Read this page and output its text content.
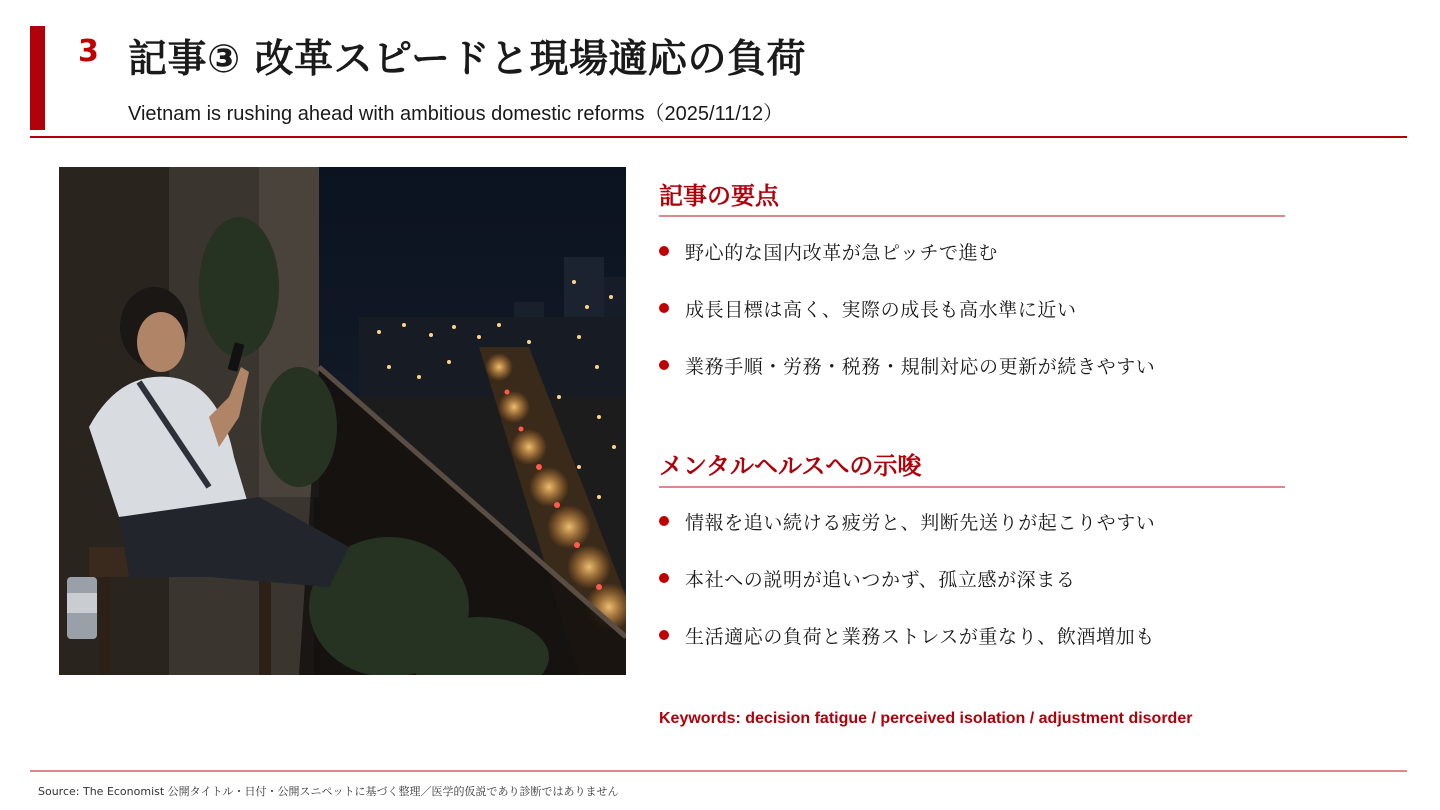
3 記事③ 改革スピードと現場適応の負荷
Vietnam is rushing ahead with ambitious domestic reforms（2025/11/12）
記事の要点
野心的な国内改革が急ピッチで進む
成長目標は高く、実際の成長も高水準に近い
業務手順・労務・税務・規制対応の更新が続きやすい
メンタルヘルスへの示唆
情報を追い続ける疲労と、判断先送りが起こりやすい
本社への説明が追いつかず、孤立感が深まる
生活適応の負荷と業務ストレスが重なり、飲酒増加も
Keywords: decision fatigue / perceived isolation / adjustment disorder
Source: The Economist 公開タイトル・日付・公開スニペットに基づく整理／医学的仮説であり診断ではありません
